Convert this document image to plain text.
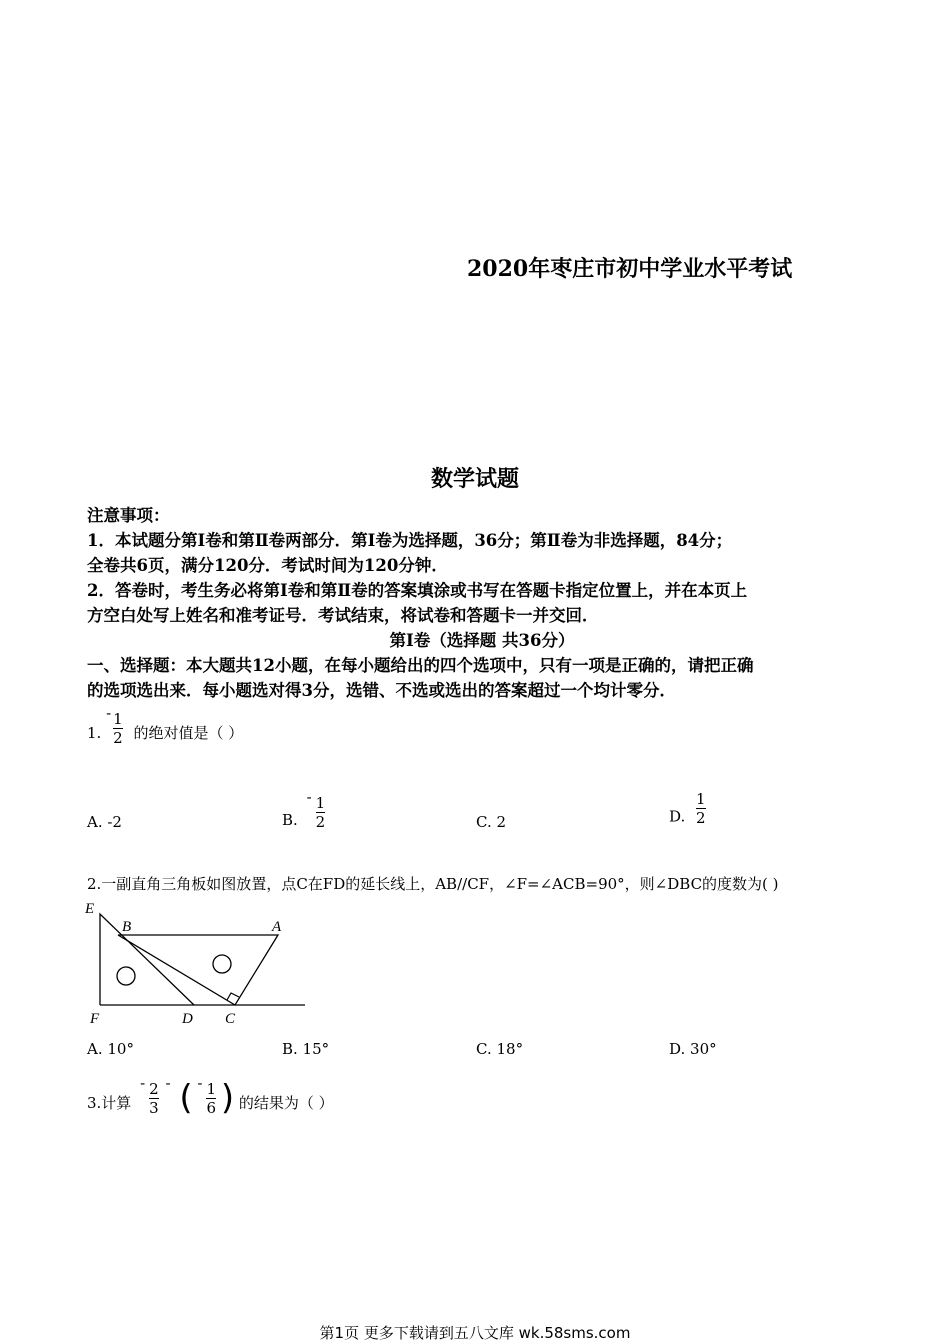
2020年枣庄市初中学业水平考试
数学试题

注意事项：

1．本试题分第Ⅰ卷和第Ⅱ卷两部分．第Ⅰ卷为选择题，36分；第Ⅱ卷为非选择题，84分；

全卷共6页，满分120分．考试时间为120分钟．

2．答卷时，考生务必将第Ⅰ卷和第Ⅱ卷的答案填涂或书写在答题卡指定位置上，并在本页上

方空白处写上姓名和准考证号．考试结束，将试卷和答题卡一并交回．

第Ⅰ卷（选择题 共36分）

一、选择题：本大题共12小题，在每小题给出的四个选项中，只有一项是正确的，请把正确

的选项选出来．每小题选对得3分，选错、不选或选出的答案超过一个均计零分．

1. - $\frac{1}{2}$ 的绝对值是（ ）
A. -2	B. - $\frac{1}{2}$	C. 2	D. $\frac{1}{2}$
2.一副直角三角板如图放置，点C在FD的延长线上，AB//CF，∠F=∠ACB=90°，则∠DBC的度数为( )
E
B	A
F	D C
A. 10°	B. 15°	C. 18°	D. 30°
3.计算 - $\frac{2}{3}$ - ( - $\frac{1}{6}$ ) 的结果为（ ）
第1页 更多下载请到五八文库 wk.58sms.com
